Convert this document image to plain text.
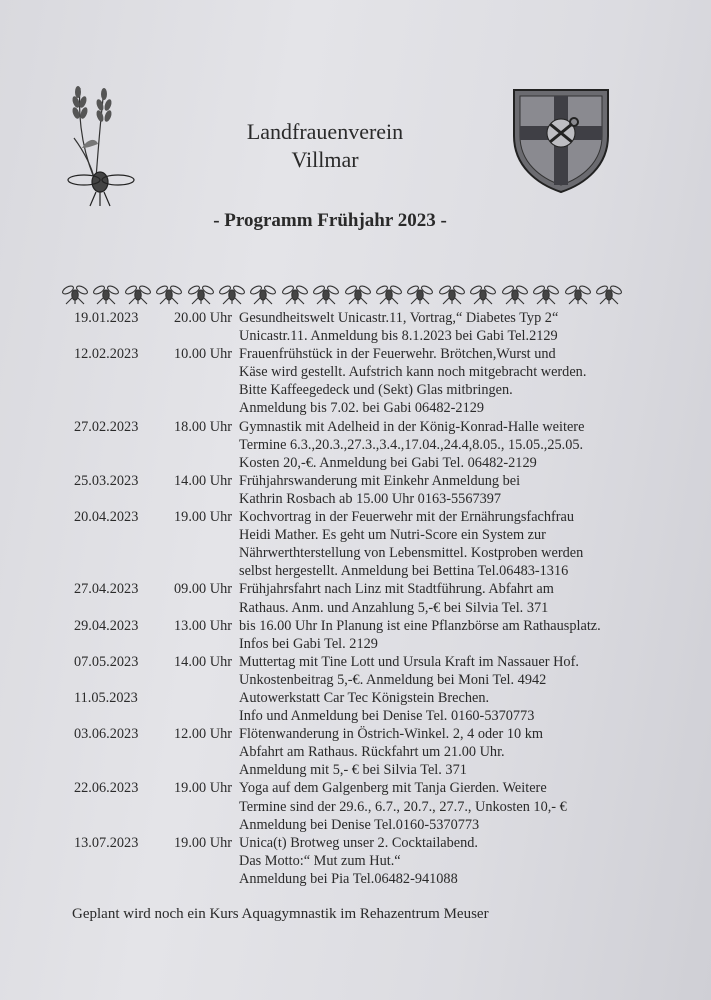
Landfrauenverein
Villmar
- Programm Frühjahr 2023 -
19.01.2023	20.00 Uhr Gesundheitswelt Unicastr.11, Vortrag,“ Diabetes Typ 2“
Unicastr.11. Anmeldung bis 8.1.2023 bei Gabi Tel.2129
12.02.2023	10.00 Uhr Frauenfrühstück in der Feuerwehr. Brötchen,Wurst und
Käse wird gestellt. Aufstrich kann noch mitgebracht werden.
Bitte Kaffeegedeck und (Sekt) Glas mitbringen.
Anmeldung bis 7.02. bei Gabi 06482-2129
27.02.2023	18.00 Uhr Gymnastik mit Adelheid in der König-Konrad-Halle weitere
Termine 6.3.,20.3.,27.3.,3.4.,17.04.,24.4,8.05., 15.05.,25.05.
Kosten 20,-€. Anmeldung bei Gabi Tel. 06482-2129
25.03.2023	14.00 Uhr Frühjahrswanderung mit Einkehr Anmeldung bei
Kathrin Rosbach ab 15.00 Uhr 0163-5567397
20.04.2023	19.00 Uhr Kochvortrag in der Feuerwehr mit der Ernährungsfachfrau
Heidi Mather. Es geht um Nutri-Score ein System zur
Nährwerthterstellung von Lebensmittel. Kostproben werden
selbst hergestellt. Anmeldung bei Bettina Tel.06483-1316
27.04.2023	09.00 Uhr Frühjahrsfahrt nach Linz mit Stadtführung. Abfahrt am
Rathaus. Anm. und Anzahlung 5,-€ bei Silvia Tel. 371
29.04.2023	13.00 Uhr bis 16.00 Uhr In Planung ist eine Pflanzbörse am Rathausplatz.
Infos bei Gabi Tel. 2129
07.05.2023	14.00 Uhr Muttertag mit Tine Lott und Ursula Kraft im Nassauer Hof.
Unkostenbeitrag 5,-€. Anmeldung bei Moni Tel. 4942
11.05.2023	Autowerkstatt Car Tec Königstein Brechen.
Info und Anmeldung bei Denise Tel. 0160-5370773
03.06.2023	12.00 Uhr Flötenwanderung in Östrich-Winkel. 2, 4 oder 10 km
Abfahrt am Rathaus. Rückfahrt um 21.00 Uhr.
Anmeldung mit 5,- € bei Silvia Tel. 371
22.06.2023	19.00 Uhr Yoga auf dem Galgenberg mit Tanja Gierden. Weitere
Termine sind der 29.6., 6.7., 20.7., 27.7., Unkosten 10,- €
Anmeldung bei Denise Tel.0160-5370773
13.07.2023	19.00 Uhr Unica(t) Brotweg unser 2. Cocktailabend.
Das Motto:“ Mut zum Hut.“
Anmeldung bei Pia Tel.06482-941088
Geplant wird noch ein Kurs Aquagymnastik im Rehazentrum Meuser
